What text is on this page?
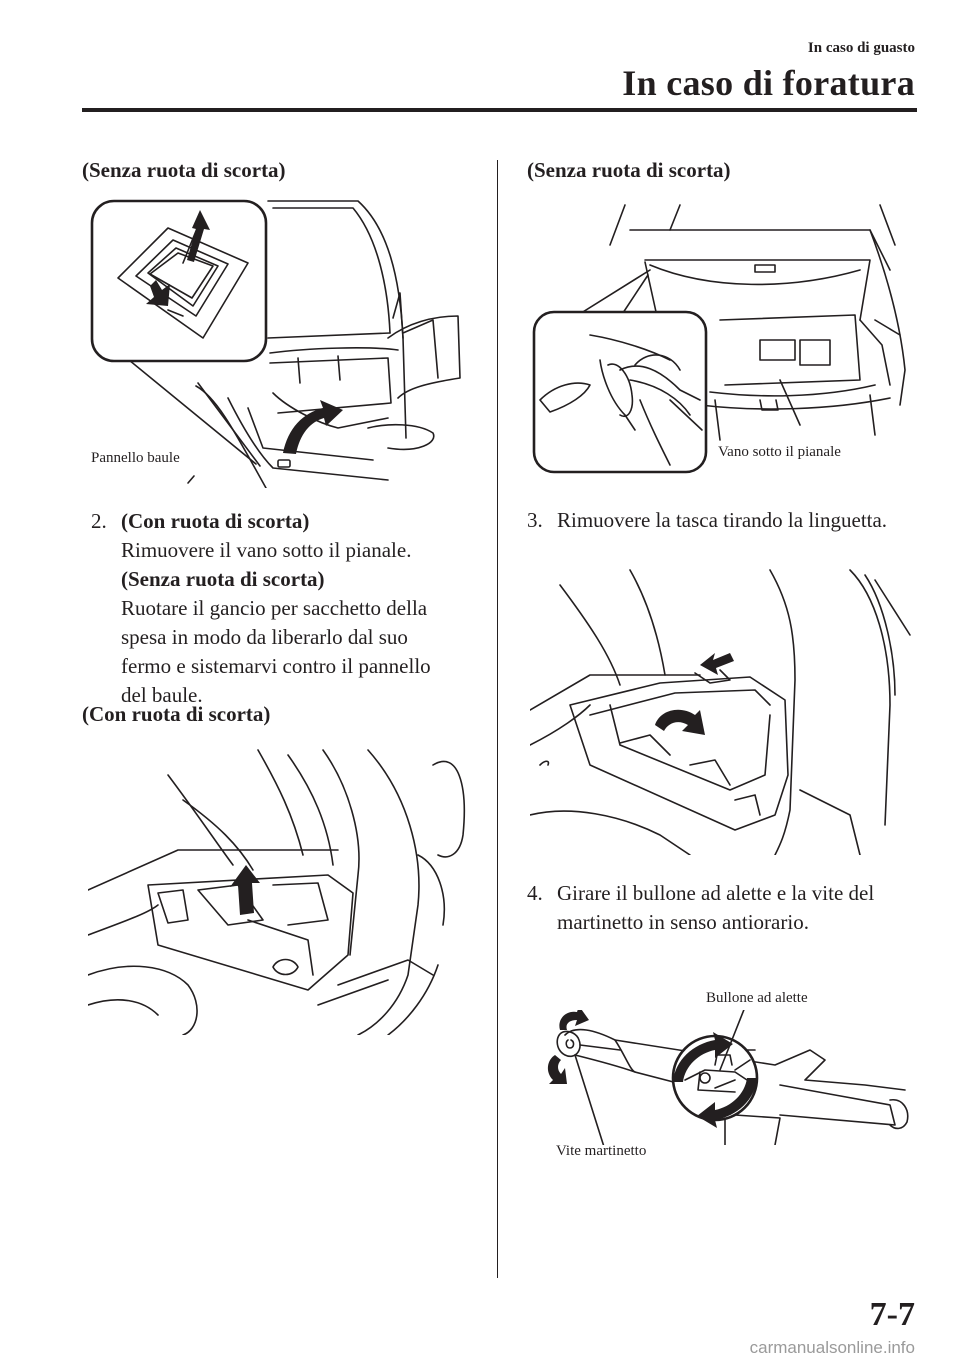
In caso di guasto
In caso di foratura
(Senza ruota di scorta)
Pannello baule
2. (Con ruota di scorta)
Rimuovere il vano sotto il pianale.
(Senza ruota di scorta)
Ruotare il gancio per sacchetto della
spesa in modo da liberarlo dal suo
fermo e sistemarvi contro il pannello
del baule.
(Con ruota di scorta)
(Senza ruota di scorta)
Vano sotto il pianale
3. Rimuovere la tasca tirando la linguetta.
4. Girare il bullone ad alette e la vite del
martinetto in senso antiorario.
Bullone ad alette
Vite martinetto
7-7
carmanualsonline.info
